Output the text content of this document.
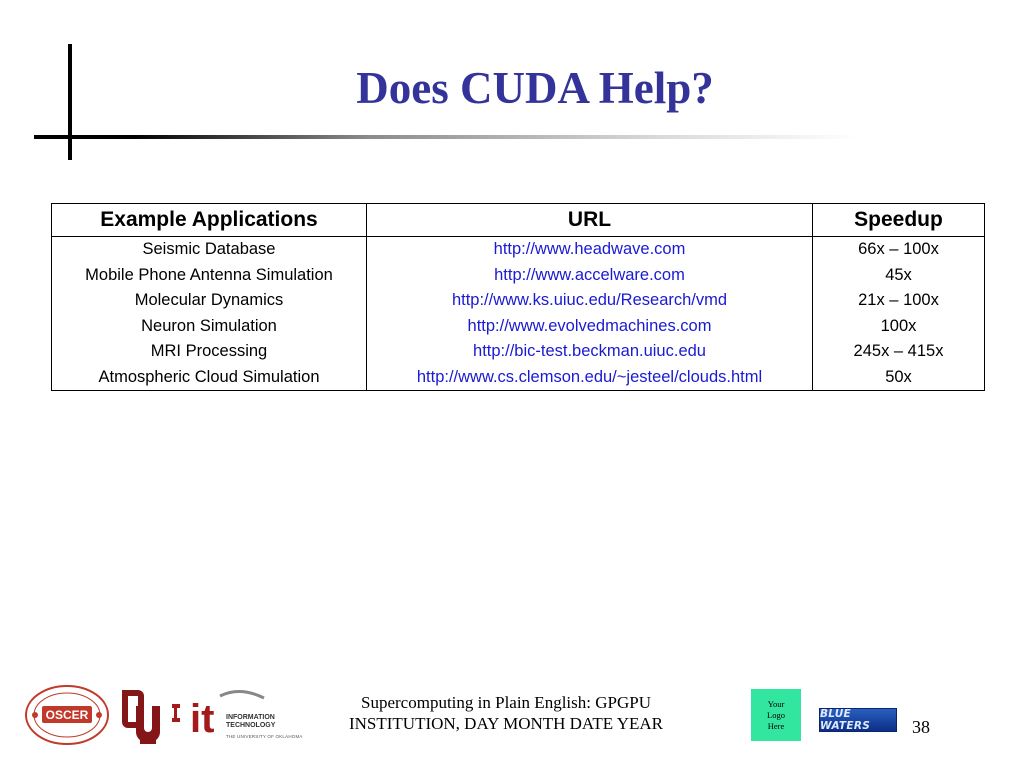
Does CUDA Help?
Example Applications	URL	Speedup
Seismic Database	http://www.headwave.com	66x – 100x
Mobile Phone Antenna Simulation	http://www.accelware.com	45x
Molecular Dynamics	http://www.ks.uiuc.edu/Research/vmd	21x – 100x
Neuron Simulation	http://www.evolvedmachines.com	100x
MRI Processing	http://bic-test.beckman.uiuc.edu	245x – 415x
Atmospheric Cloud Simulation	http://www.cs.clemson.edu/~jesteel/clouds.html	50x
OSCER	it INFORMATION
TECHNOLOGY
THE UNIVERSITY OF OKLAHOMA
Supercomputing in Plain English: GPGPU
INSTITUTION, DAY MONTH DATE YEAR
Your
Logo
Here
BLUE WATERS	38
